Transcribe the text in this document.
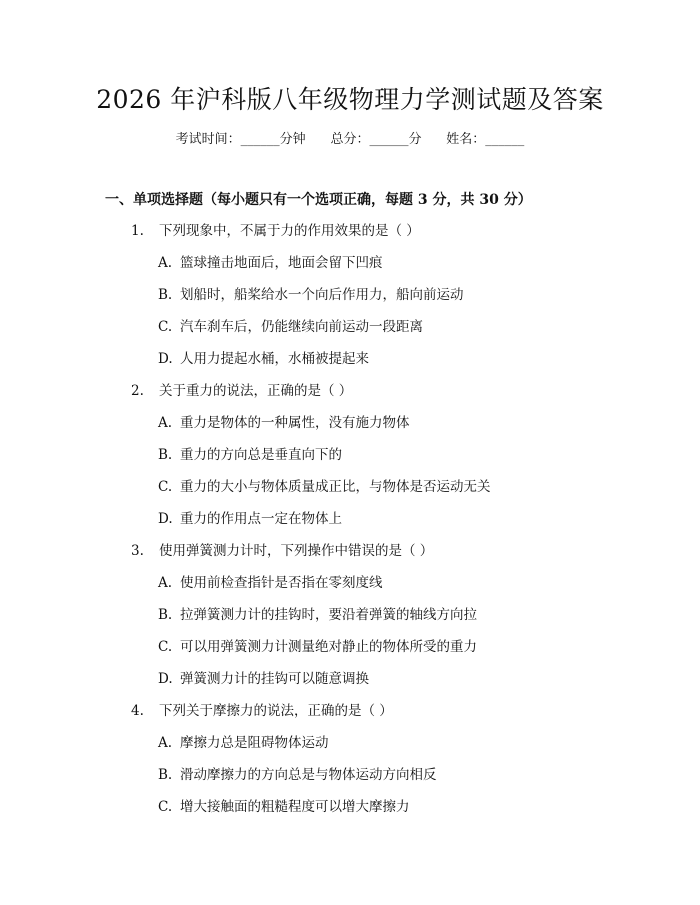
2026 年沪科版八年级物理力学测试题及答案
考试时间：______分钟 总分：______分 姓名：______
一、单项选择题（每小题只有一个选项正确，每题 3 分，共 30 分）
1. 下列现象中，不属于力的作用效果的是（ ）
A. 篮球撞击地面后，地面会留下凹痕
B. 划船时，船桨给水一个向后作用力，船向前运动
C. 汽车刹车后，仍能继续向前运动一段距离
D. 人用力提起水桶，水桶被提起来
2. 关于重力的说法，正确的是（ ）
A. 重力是物体的一种属性，没有施力物体
B. 重力的方向总是垂直向下的
C. 重力的大小与物体质量成正比，与物体是否运动无关
D. 重力的作用点一定在物体上
3. 使用弹簧测力计时，下列操作中错误的是（ ）
A. 使用前检查指针是否指在零刻度线
B. 拉弹簧测力计的挂钩时，要沿着弹簧的轴线方向拉
C. 可以用弹簧测力计测量绝对静止的物体所受的重力
D. 弹簧测力计的挂钩可以随意调换
4. 下列关于摩擦力的说法，正确的是（ ）
A. 摩擦力总是阻碍物体运动
B. 滑动摩擦力的方向总是与物体运动方向相反
C. 增大接触面的粗糙程度可以增大摩擦力
